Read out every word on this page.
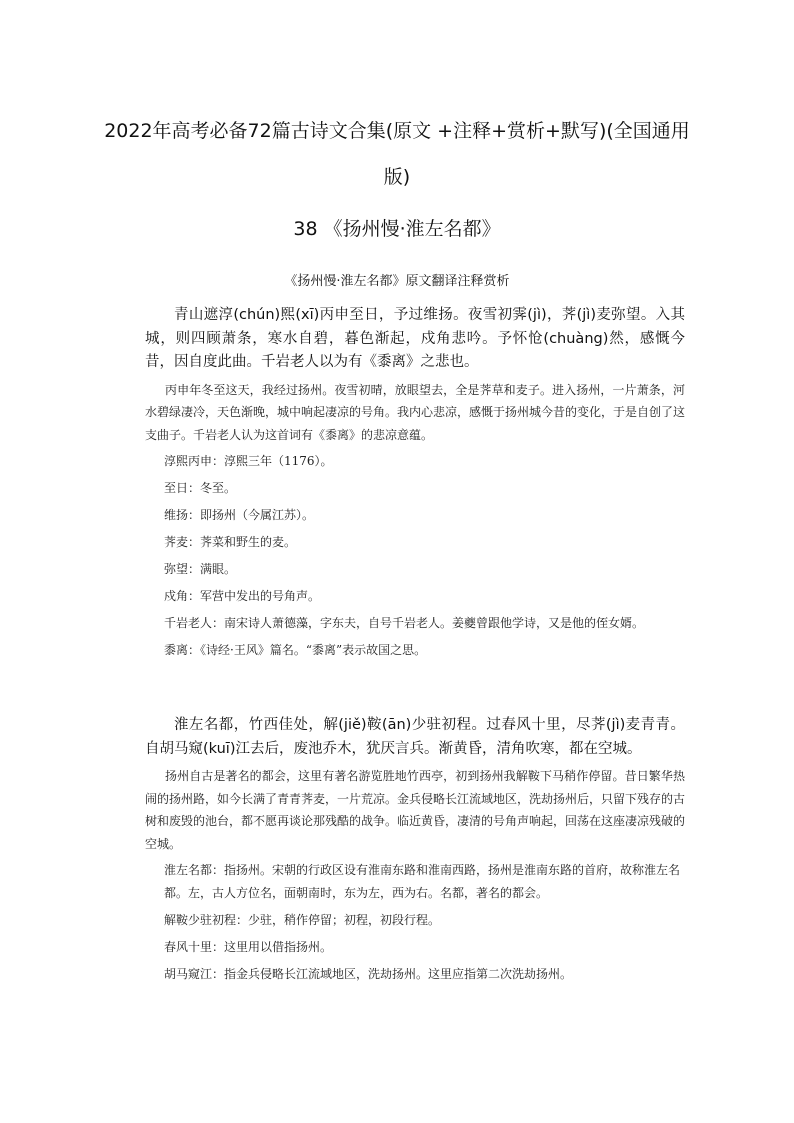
2022年高考必备72篇古诗文合集(原文 +注释+赏析+默写)(全国通用版)
38 《扬州慢·淮左名都》
《扬州慢·淮左名都》原文翻译注释赏析

青山遮淳(chún)熙(xī)丙申至日，予过维扬。夜雪初霁(jì)，荠(jì)麦弥望。入其城，则四顾萧条，寒水自碧，暮色渐起，戍角悲吟。予怀怆(chuàng)然，感慨今昔，因自度此曲。千岩老人以为有《黍离》之悲也。

丙申年冬至这天，我经过扬州。夜雪初晴，放眼望去，全是荠草和麦子。进入扬州，一片萧条，河水碧绿凄冷，天色渐晚，城中响起凄凉的号角。我内心悲凉，感慨于扬州城今昔的变化，于是自创了这支曲子。千岩老人认为这首词有《黍离》的悲凉意蕴。

淳熙丙申：淳熙三年（1176）。

至日：冬至。

维扬：即扬州（今属江苏）。

荠麦：荠菜和野生的麦。

弥望：满眼。

戍角：军营中发出的号角声。

千岩老人：南宋诗人萧德藻，字东夫，自号千岩老人。姜夔曾跟他学诗，又是他的侄女婿。

黍离：《诗经·王风》篇名。“黍离”表示故国之思。

淮左名都，竹西佳处，解(jiě)鞍(ān)少驻初程。过春风十里，尽荠(jì)麦青青。自胡马窥(kuī)江去后，废池乔木，犹厌言兵。渐黄昏，清角吹寒，都在空城。

扬州自古是著名的都会，这里有著名游览胜地竹西亭，初到扬州我解鞍下马稍作停留。昔日繁华热闹的扬州路，如今长满了青青荠麦，一片荒凉。金兵侵略长江流域地区，洗劫扬州后，只留下残存的古树和废毁的池台，都不愿再谈论那残酷的战争。临近黄昏，凄清的号角声响起，回荡在这座凄凉残破的空城。

淮左名都：指扬州。宋朝的行政区设有淮南东路和淮南西路，扬州是淮南东路的首府，故称淮左名都。左，古人方位名，面朝南时，东为左，西为右。名都，著名的都会。

解鞍少驻初程：少驻，稍作停留；初程，初段行程。

春风十里：这里用以借指扬州。

胡马窥江：指金兵侵略长江流域地区，洗劫扬州。这里应指第二次洗劫扬州。
